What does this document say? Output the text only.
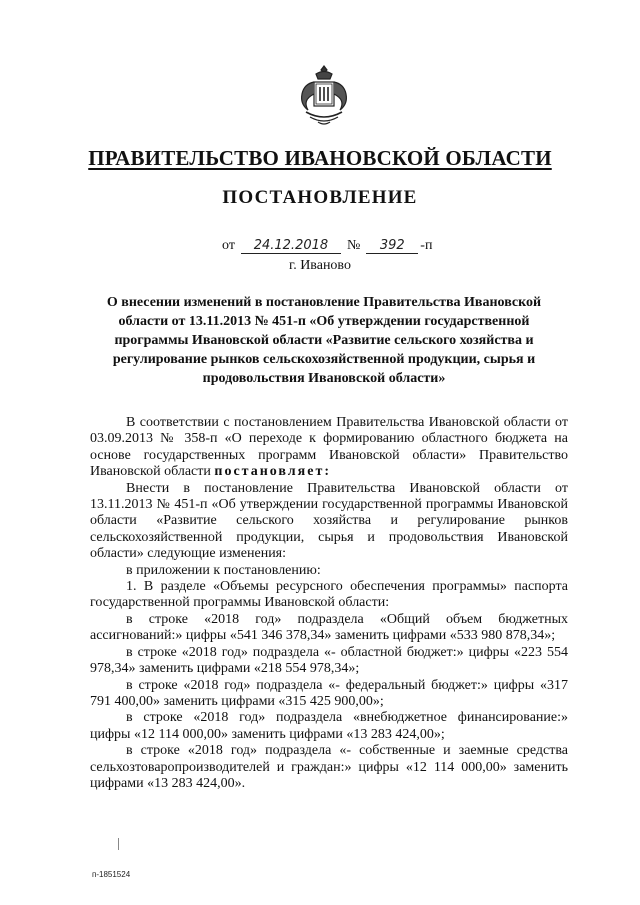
ПРАВИТЕЛЬСТВО ИВАНОВСКОЙ ОБЛАСТИ
ПОСТАНОВЛЕНИЕ
от	24.12.2018	№	392	-п
г. Иваново
О внесении изменений в постановление Правительства Ивановской области от 13.11.2013 № 451-п «Об утверждении государственной программы Ивановской области «Развитие сельского хозяйства и регулирование рынков сельскохозяйственной продукции, сырья и продовольствия Ивановской области»

В соответствии с постановлением Правительства Ивановской области от 03.09.2013 № 358-п «О переходе к формированию областного бюджета на основе государственных программ Ивановской области» Правительство Ивановской области постановляет:

Внести в постановление Правительства Ивановской области от 13.11.2013 № 451-п «Об утверждении государственной программы Ивановской области «Развитие сельского хозяйства и регулирование рынков сельскохозяйственной продукции, сырья и продовольствия Ивановской области» следующие изменения:

в приложении к постановлению:

1. В разделе «Объемы ресурсного обеспечения программы» паспорта государственной программы Ивановской области:

в строке «2018 год» подраздела «Общий объем бюджетных ассигнований:» цифры «541 346 378,34» заменить цифрами «533 980 878,34»;

в строке «2018 год» подраздела «- областной бюджет:» цифры «223 554 978,34» заменить цифрами «218 554 978,34»;

в строке «2018 год» подраздела «- федеральный бюджет:» цифры «317 791 400,00» заменить цифрами «315 425 900,00»;

в строке «2018 год» подраздела «внебюджетное финансирование:» цифры «12 114 000,00» заменить цифрами «13 283 424,00»;

в строке «2018 год» подраздела «- собственные и заемные средства сельхозтоваропроизводителей и граждан:» цифры «12 114 000,00» заменить цифрами «13 283 424,00».

п-1851524
